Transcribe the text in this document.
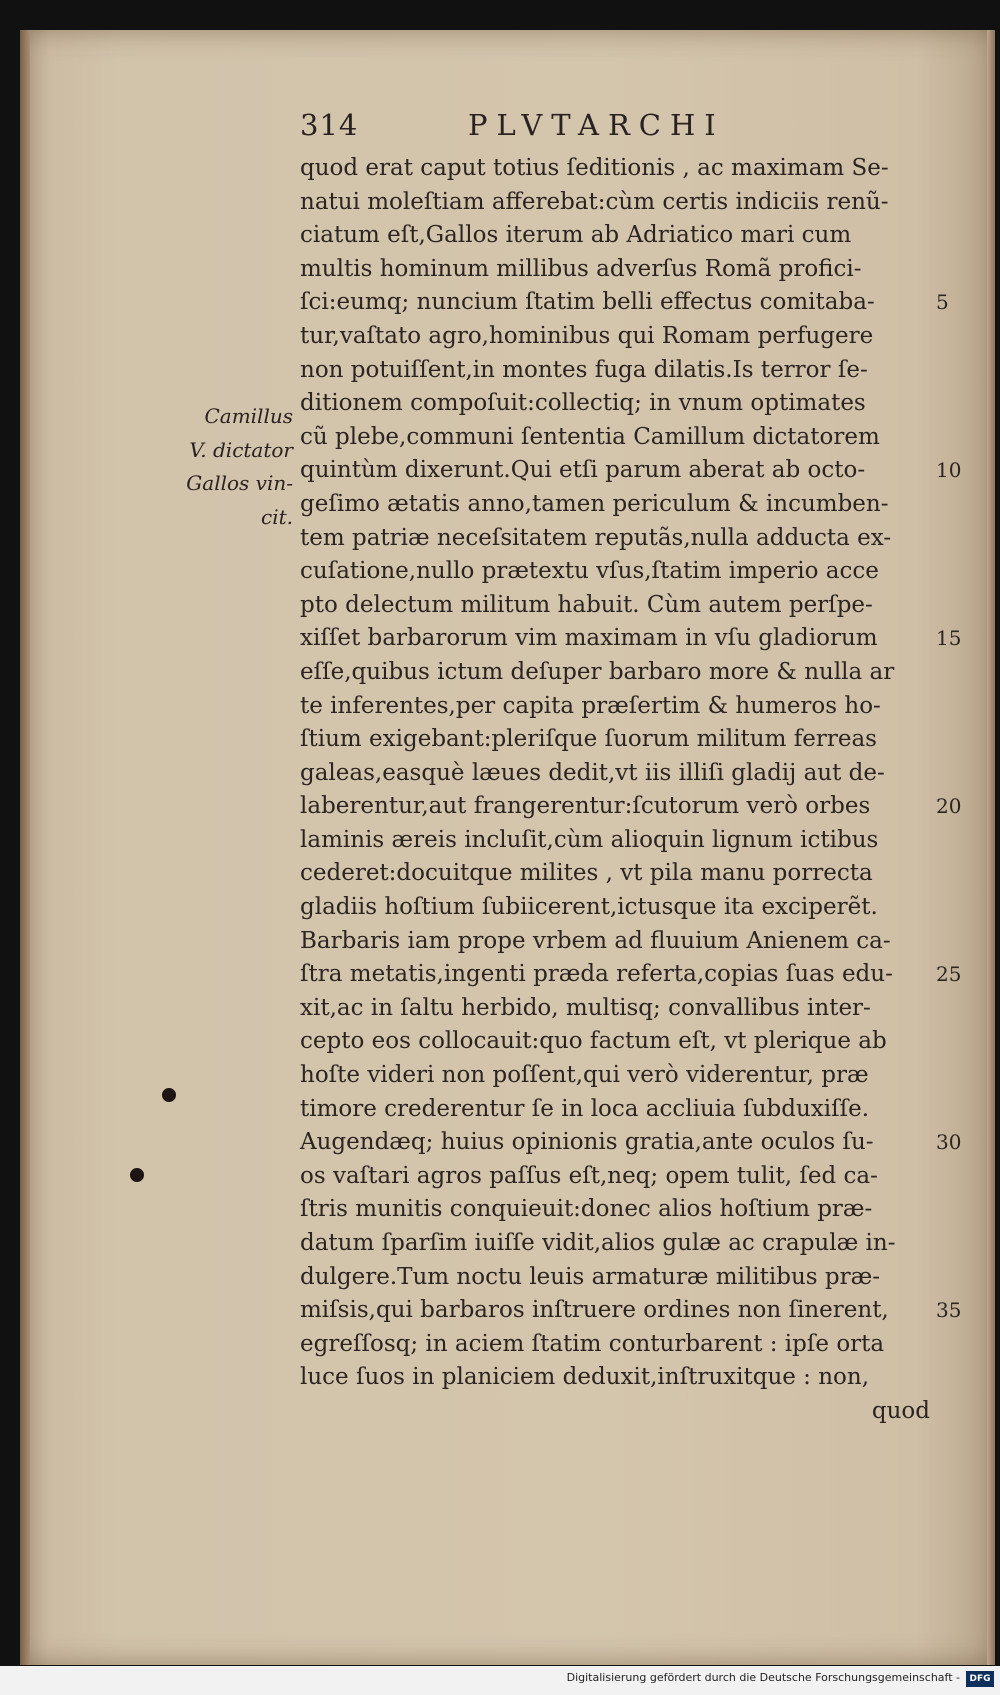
314	PLVTARCHI
Camillus
V. dictator
Gallos vin-
cit.
quod erat caput totius ſeditionis , ac maximam Se-
natui moleſtiam afferebat:cùm certis indiciis renũ-
ciatum eſt,Gallos iterum ab Adriatico mari cum
multis hominum millibus adverſus Romã profici-
ſci:eumq; nuncium ſtatim belli effectus comitaba-
tur,vaſtato agro,hominibus qui Romam perfugere
non potuiſſent,in montes fuga dilatis.Is terror ſe-
ditionem compoſuit:collectiq; in vnum optimates
cũ plebe,communi ſententia Camillum dictatorem
quintùm dixerunt.Qui etſi parum aberat ab octo-
geſimo ætatis anno,tamen periculum & incumben-
tem patriæ neceſsitatem reputãs,nulla adducta ex-
cuſatione,nullo prætextu vſus,ſtatim imperio acce
pto delectum militum habuit. Cùm autem perſpe-
xiſſet barbarorum vim maximam in vſu gladiorum
eſſe,quibus ictum deſuper barbaro more & nulla ar
te inferentes,per capita præſertim & humeros ho-
ſtium exigebant:pleriſque ſuorum militum ferreas
galeas,easquè læues dedit,vt iis illiſi gladij aut de-
laberentur,aut frangerentur:ſcutorum verò orbes
laminis æreis incluſit,cùm alioquin lignum ictibus
cederet:docuitque milites , vt pila manu porrecta
gladiis hoſtium ſubiicerent,ictusque ita exciperẽt.
Barbaris iam prope vrbem ad fluuium Anienem ca-
ſtra metatis,ingenti præda referta,copias ſuas edu-
xit,ac in ſaltu herbido, multisq; convallibus inter-
cepto eos collocauit:quo factum eſt, vt plerique ab
hoſte videri non poſſent,qui verò viderentur, præ
timore crederentur ſe in loca accliuia ſubduxiſſe.
Augendæq; huius opinionis gratia,ante oculos ſu-
os vaſtari agros paſſus eſt,neq; opem tulit, ſed ca-
ſtris munitis conquieuit:donec alios hoſtium præ-
datum ſparſim iuiſſe vidit,alios gulæ ac crapulæ in-
dulgere.Tum noctu leuis armaturæ militibus præ-
miſsis,qui barbaros inſtruere ordines non ſinerent,
egreſſosq; in aciem ſtatim conturbarent : ipſe orta
luce ſuos in planiciem deduxit,inſtruxitque : non,
quod
5
10
15
20
25
30
35
Digitalisierung gefördert durch die Deutsche Forschungsgemeinschaft -	DFG
